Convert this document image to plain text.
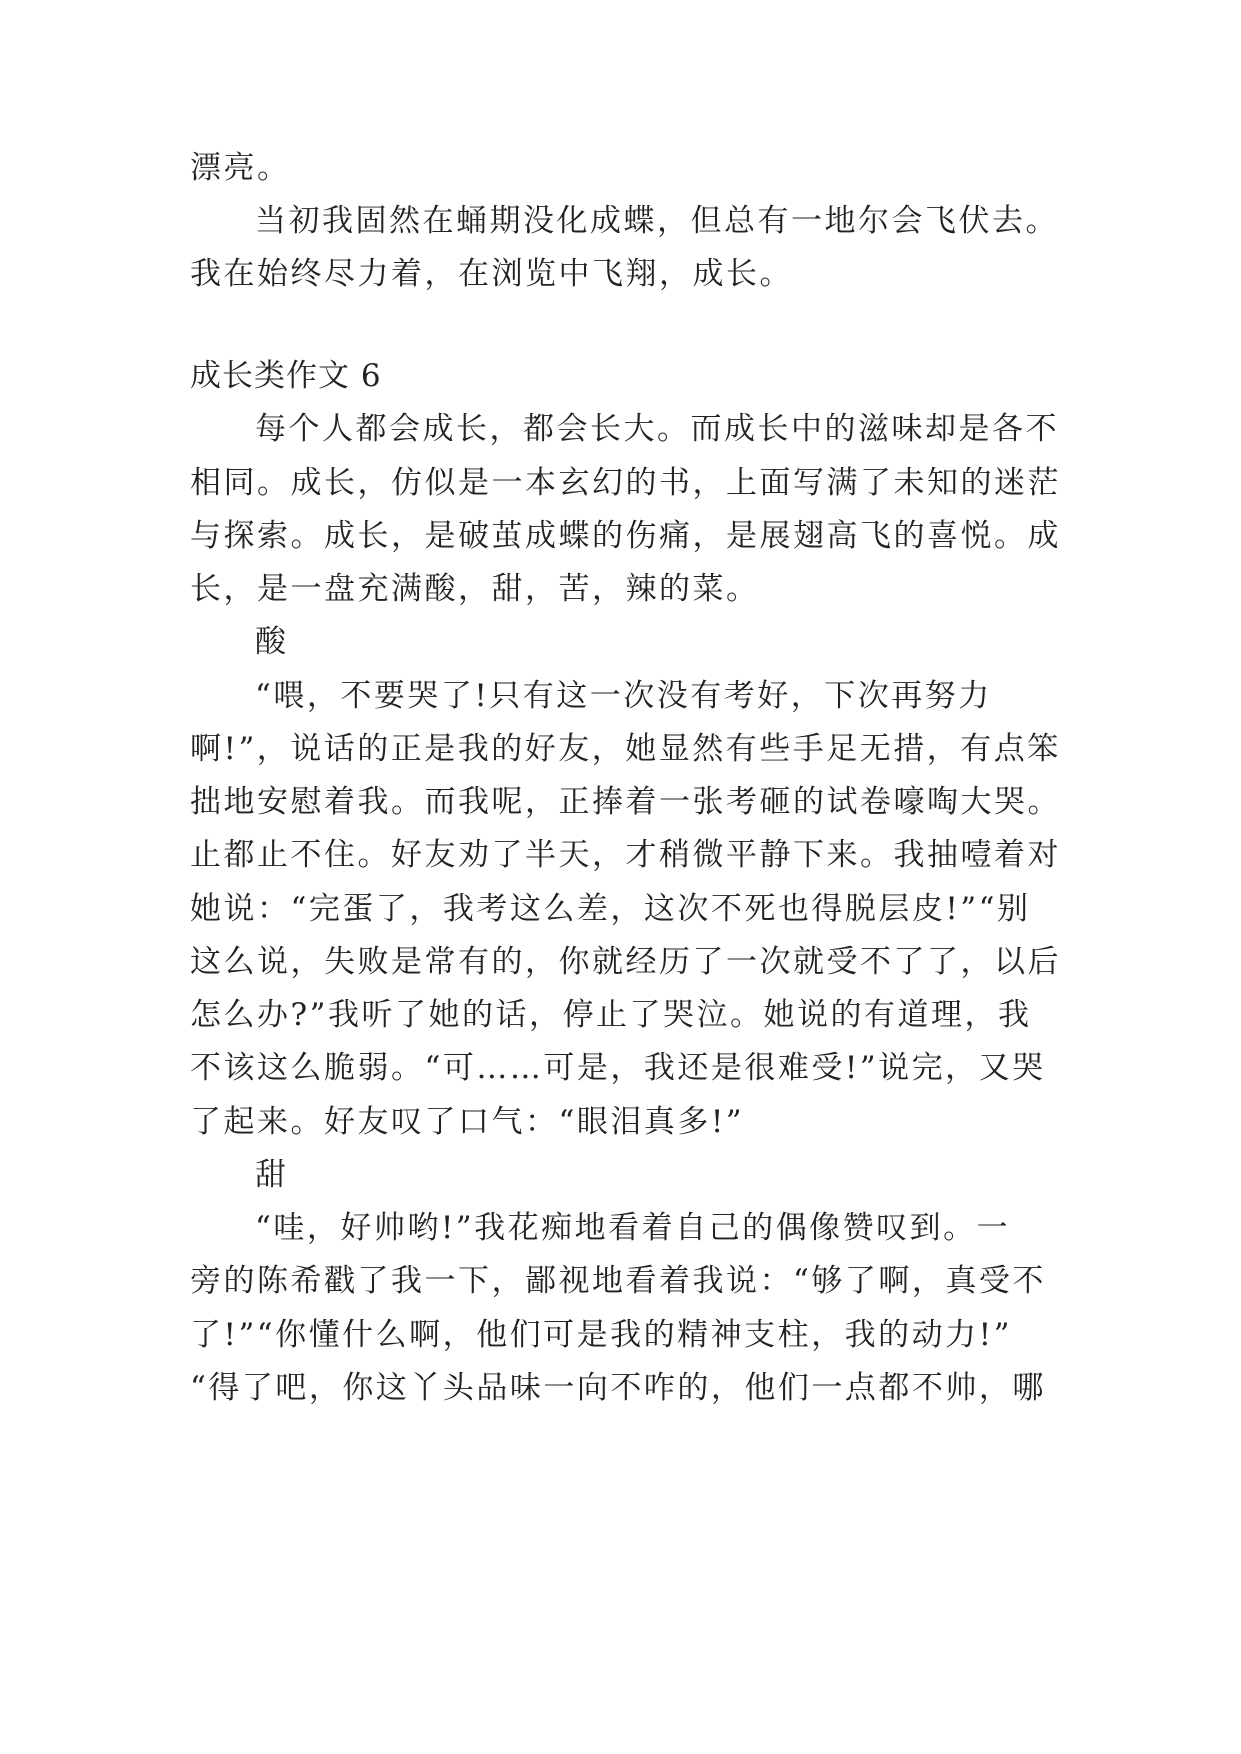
漂亮。
当初我固然在蛹期没化成蝶，但总有一地尔会飞伏去。
我在始终尽力着，在浏览中飞翔，成长。
成长类作文 6
每个人都会成长，都会长大。而成长中的滋味却是各不
相同。成长，仿似是一本玄幻的书，上面写满了未知的迷茫
与探索。成长，是破茧成蝶的伤痛，是展翅高飞的喜悦。成
长，是一盘充满酸，甜，苦，辣的菜。
酸
“喂，不要哭了!只有这一次没有考好，下次再努力
啊!”，说话的正是我的好友，她显然有些手足无措，有点笨
拙地安慰着我。而我呢，正捧着一张考砸的试卷嚎啕大哭。
止都止不住。好友劝了半天，才稍微平静下来。我抽噎着对
她说：“完蛋了，我考这么差，这次不死也得脱层皮!”“别
这么说，失败是常有的，你就经历了一次就受不了了，以后
怎么办?”我听了她的话，停止了哭泣。她说的有道理，我
不该这么脆弱。“可……可是，我还是很难受!”说完，又哭
了起来。好友叹了口气：“眼泪真多!”
甜
“哇，好帅哟!”我花痴地看着自己的偶像赞叹到。一
旁的陈希戳了我一下，鄙视地看着我说：“够了啊，真受不
了!”“你懂什么啊，他们可是我的精神支柱，我的动力!”
“得了吧，你这丫头品味一向不咋的，他们一点都不帅，哪
